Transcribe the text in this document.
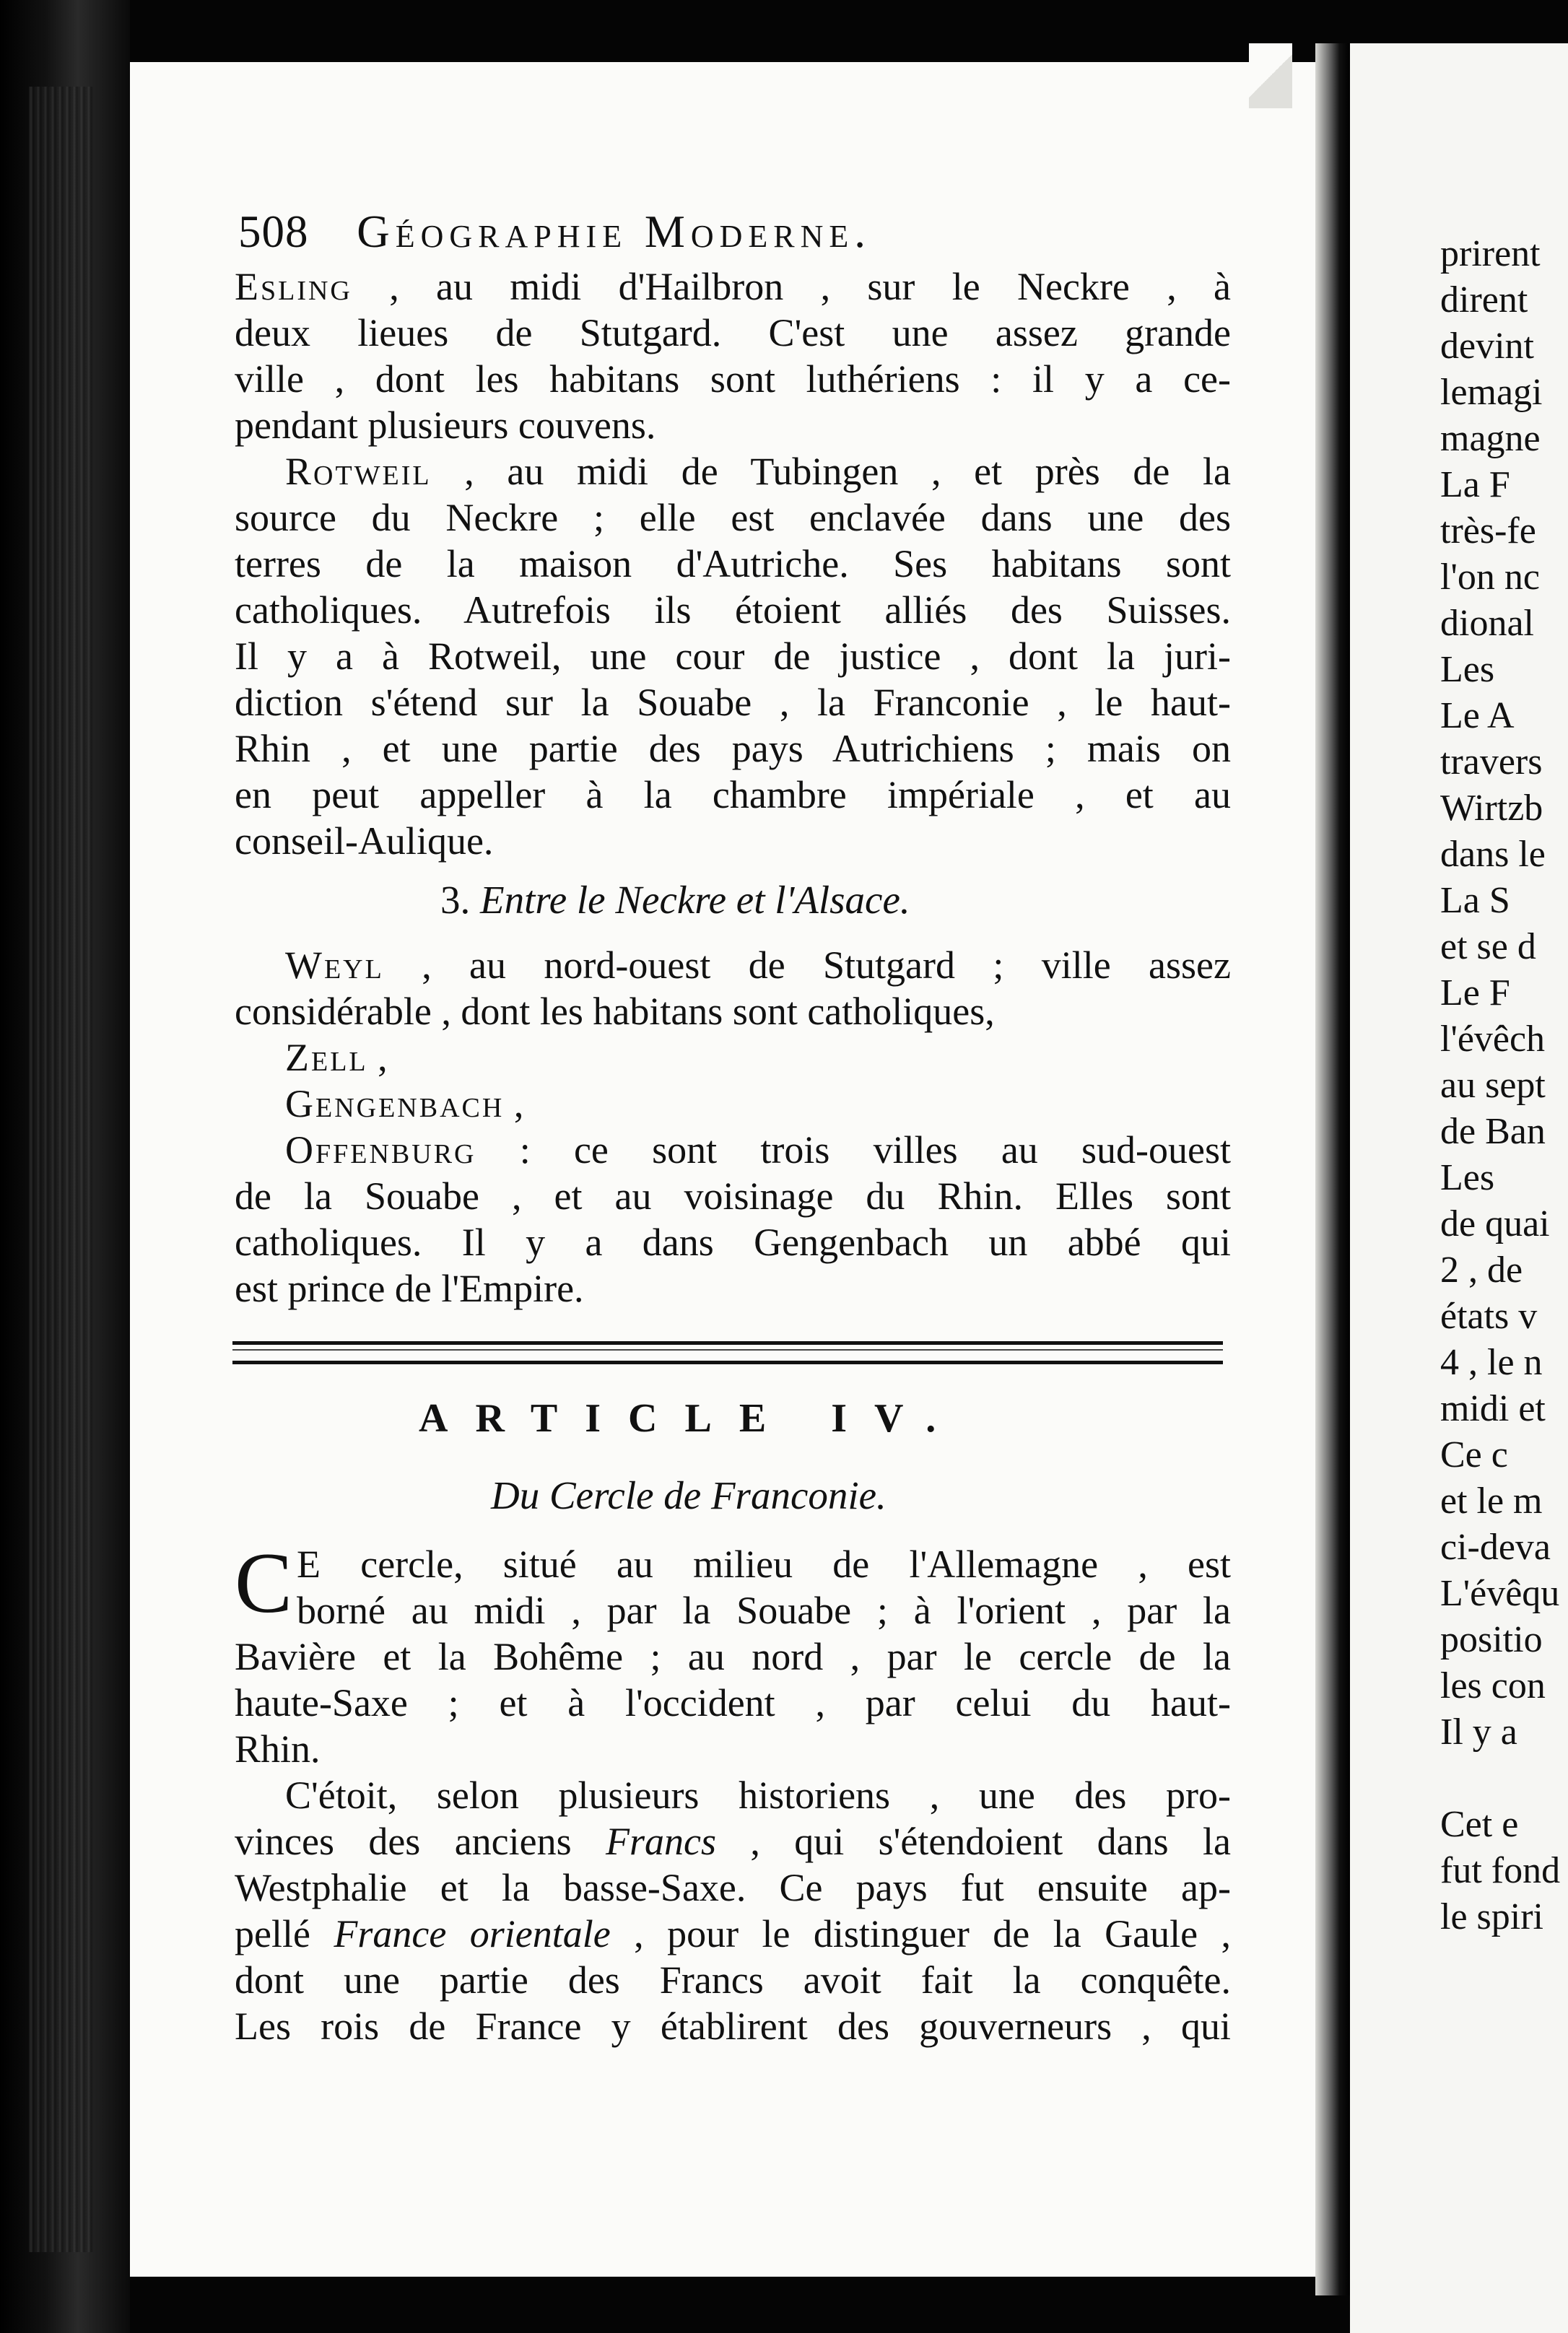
508 Géographie Moderne.
Esling , au midi d'Hailbron , sur le Neckre , à
deux lieues de Stutgard. C'est une assez grande
ville , dont les habitans sont luthériens : il y a ce-
pendant plusieurs couvens.
Rotweil , au midi de Tubingen , et près de la
source du Neckre ; elle est enclavée dans une des
terres de la maison d'Autriche. Ses habitans sont
catholiques. Autrefois ils étoient alliés des Suisses.
Il y a à Rotweil, une cour de justice , dont la juri-
diction s'étend sur la Souabe , la Franconie , le haut-
Rhin , et une partie des pays Autrichiens ; mais on
en peut appeller à la chambre impériale , et au
conseil-Aulique.
3. Entre le Neckre et l'Alsace.
Weyl , au nord-ouest de Stutgard ; ville assez
considérable , dont les habitans sont catholiques,
Zell ,
Gengenbach ,
Offenburg : ce sont trois villes au sud-ouest
de la Souabe , et au voisinage du Rhin. Elles sont
catholiques. Il y a dans Gengenbach un abbé qui
est prince de l'Empire.
ARTICLE IV.
Du Cercle de Franconie.
C E cercle, situé au milieu de l'Allemagne , est
borné au midi , par la Souabe ; à l'orient , par la
Bavière et la Bohême ; au nord , par le cercle de la
haute-Saxe ; et à l'occident , par celui du haut-
Rhin.
C'étoit, selon plusieurs historiens , une des pro-
vinces des anciens Francs , qui s'étendoient dans la
Westphalie et la basse-Saxe. Ce pays fut ensuite ap-
pellé France orientale , pour le distinguer de la Gaule ,
dont une partie des Francs avoit fait la conquête.
Les rois de France y établirent des gouverneurs , qui
prirent
dirent
devint
lemagi
magne
La F
très-fe
l'on nc
dional
Les
Le A
travers
Wirtzb
dans le
La S
et se d
Le F
l'évêch
au sept
de Ban
Les
de quai
2 , de
états v
4 , le n
midi et
Ce c
et le m
ci-deva
L'évêqu
positio
les con
Il y a

Cet e
fut fond
le spiri
